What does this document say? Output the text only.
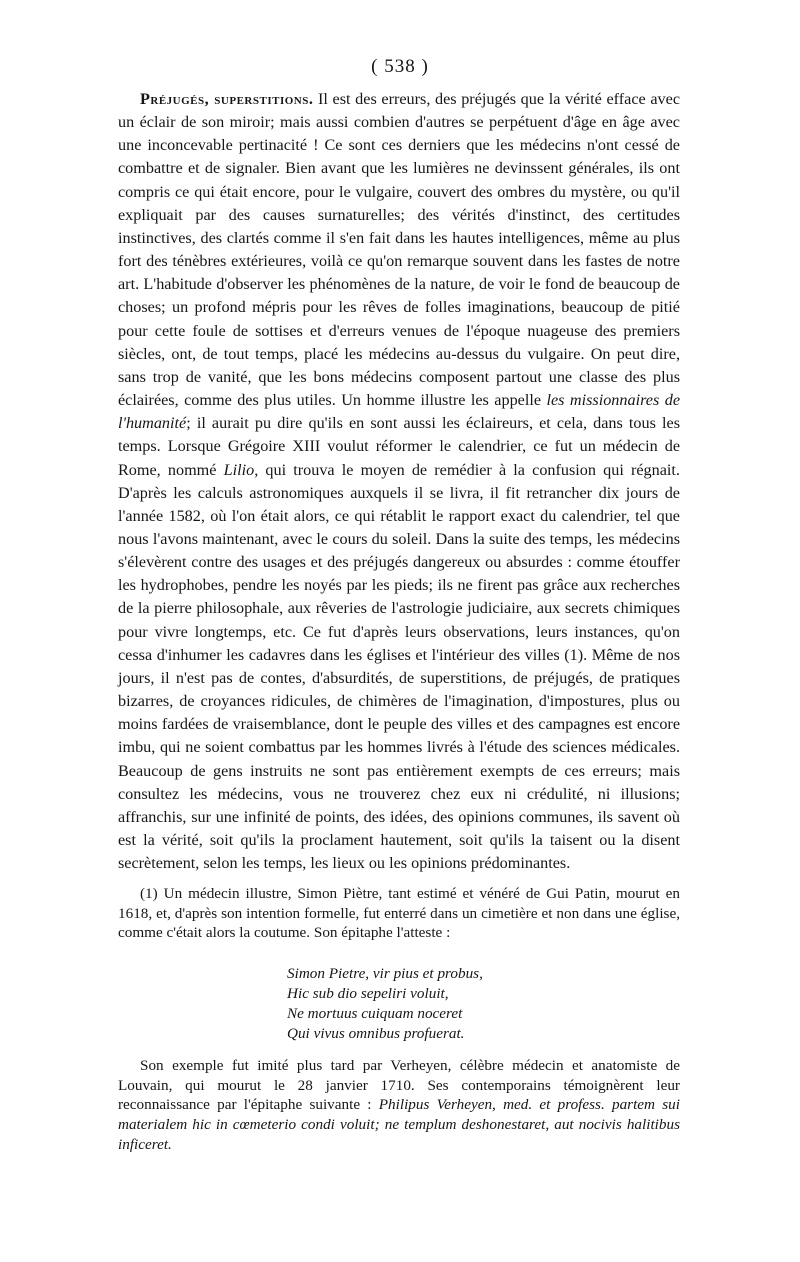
( 538 )

Préjugés, superstitions. Il est des erreurs, des préjugés que la vérité efface avec un éclair de son miroir; mais aussi combien d'autres se perpétuent d'âge en âge avec une inconcevable pertinacité ! Ce sont ces derniers que les médecins n'ont cessé de combattre et de signaler. Bien avant que les lumières ne devinssent générales, ils ont compris ce qui était encore, pour le vulgaire, couvert des ombres du mystère, ou qu'il expliquait par des causes surnaturelles; des vérités d'instinct, des certitudes instinctives, des clartés comme il s'en fait dans les hautes intelligences, même au plus fort des ténèbres extérieures, voilà ce qu'on remarque souvent dans les fastes de notre art. L'habitude d'observer les phénomènes de la nature, de voir le fond de beaucoup de choses; un profond mépris pour les rêves de folles imaginations, beaucoup de pitié pour cette foule de sottises et d'erreurs venues de l'époque nuageuse des premiers siècles, ont, de tout temps, placé les médecins au-dessus du vulgaire. On peut dire, sans trop de vanité, que les bons médecins composent partout une classe des plus éclairées, comme des plus utiles. Un homme illustre les appelle les missionnaires de l'humanité; il aurait pu dire qu'ils en sont aussi les éclaireurs, et cela, dans tous les temps. Lorsque Grégoire XIII voulut réformer le calendrier, ce fut un médecin de Rome, nommé Lilio, qui trouva le moyen de remédier à la confusion qui régnait. D'après les calculs astronomiques auxquels il se livra, il fit retrancher dix jours de l'année 1582, où l'on était alors, ce qui rétablit le rapport exact du calendrier, tel que nous l'avons maintenant, avec le cours du soleil. Dans la suite des temps, les médecins s'élevèrent contre des usages et des préjugés dangereux ou absurdes : comme étouffer les hydrophobes, pendre les noyés par les pieds; ils ne firent pas grâce aux recherches de la pierre philosophale, aux rêveries de l'astrologie judiciaire, aux secrets chimiques pour vivre longtemps, etc. Ce fut d'après leurs observations, leurs instances, qu'on cessa d'inhumer les cadavres dans les églises et l'intérieur des villes (1). Même de nos jours, il n'est pas de contes, d'absurdités, de superstitions, de préjugés, de pratiques bizarres, de croyances ridicules, de chimères de l'imagination, d'impostures, plus ou moins fardées de vraisemblance, dont le peuple des villes et des campagnes est encore imbu, qui ne soient combattus par les hommes livrés à l'étude des sciences médicales. Beaucoup de gens instruits ne sont pas entièrement exempts de ces erreurs; mais consultez les médecins, vous ne trouverez chez eux ni crédulité, ni illusions; affranchis, sur une infinité de points, des idées, des opinions communes, ils savent où est la vérité, soit qu'ils la proclament hautement, soit qu'ils la taisent ou la disent secrètement, selon les temps, les lieux ou les opinions prédominantes.

(1) Un médecin illustre, Simon Piètre, tant estimé et vénéré de Gui Patin, mourut en 1618, et, d'après son intention formelle, fut enterré dans un cimetière et non dans une église, comme c'était alors la coutume. Son épitaphe l'atteste :

Simon Pietre, vir pius et probus,
Hic sub dio sepeliri voluit,
Ne mortuus cuiquam noceret
Qui vivus omnibus profuerat.

Son exemple fut imité plus tard par Verheyen, célèbre médecin et anatomiste de Louvain, qui mourut le 28 janvier 1710. Ses contemporains témoignèrent leur reconnaissance par l'épitaphe suivante : Philipus Verheyen, med. et profess. partem sui materialem hic in cœmeterio condi voluit; ne templum deshonestaret, aut nocivis halitibus inficeret.
